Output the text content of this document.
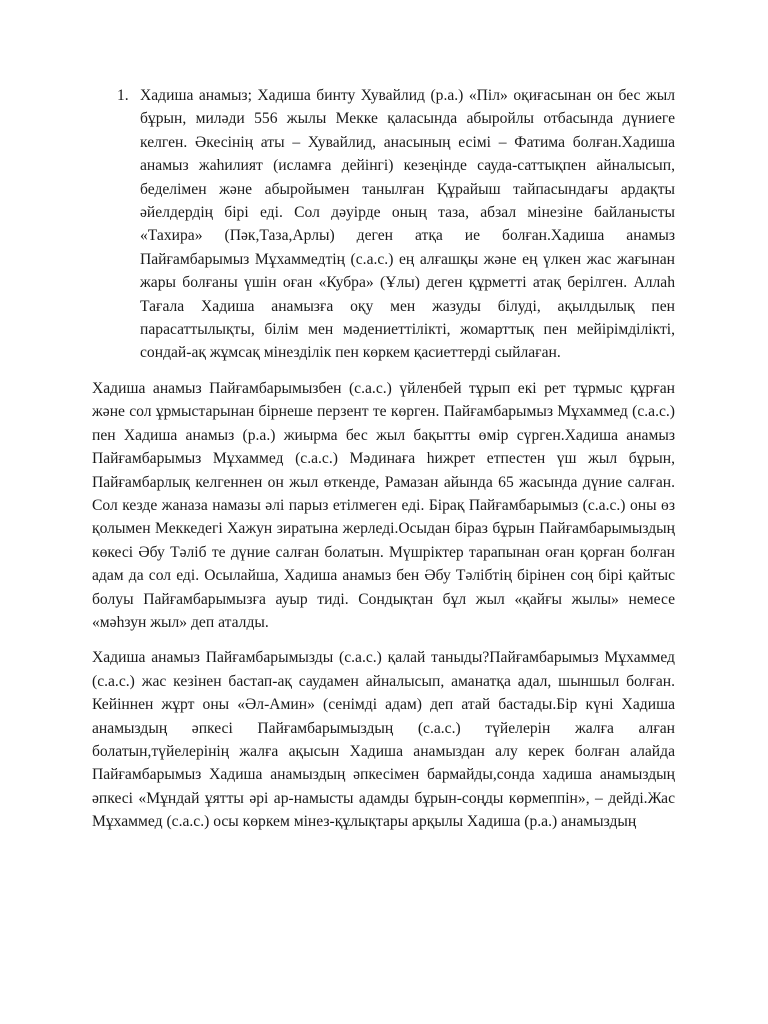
1. Хадиша анамыз; Хадиша бинту Хувайлид (р.а.) «Піл» оқиғасынан он бес жыл бұрын, миләди 556 жылы Мекке қаласында абыройлы отбасында дүниеге келген. Әкесінің аты – Хувайлид, анасының есімі – Фатима болған.Хадиша анамыз жаһилият (исламға дейінгі) кезеңінде сауда-саттықпен айналысып, беделімен және абыройымен танылған Құрайыш тайпасындағы ардақты әйелдердің бірі еді. Сол дәуірде оның таза, абзал мінезіне байланысты «Тахира» (Пәк,Таза,Арлы) деген атқа ие болған.Хадиша анамыз Пайғамбарымыз Мұхаммедтің (с.а.с.) ең алғашқы және ең үлкен жас жағынан жары болғаны үшін оған «Кубра» (Ұлы) деген құрметті атақ берілген. Аллаһ Тағала Хадиша анамызға оқу мен жазуды білуді, ақылдылық пен парасаттылықты, білім мен мәдениеттілікті, жомарттық пен мейірімділікті, сондай-ақ жұмсақ мінезділік пен көркем қасиеттерді сыйлаған.

Хадиша анамыз Пайғамбарымызбен (с.а.с.) үйленбей тұрып екі рет тұрмыс құрған және сол ұрмыстарынан бірнеше перзент те көрген. Пайғамбарымыз Мұхаммед (с.а.с.) пен Хадиша анамыз (р.а.) жиырма бес жыл бақытты өмір сүрген.Хадиша анамыз Пайғамбарымыз Мұхаммед (с.а.с.) Мәдинаға һижрет етпестен үш жыл бұрын, Пайғамбарлық келгеннен он жыл өткенде, Рамазан айында 65 жасында дүние салған. Сол кезде жаназа намазы әлі парыз етілмеген еді. Бірақ Пайғамбарымыз (с.а.с.) оны өз қолымен Меккедегі Хажун зиратына жерледі.Осыдан біраз бұрын Пайғамбарымыздың көкесі Әбу Тәліб те дүние салған болатын. Мүшріктер тарапынан оған қорған болған адам да сол еді. Осылайша, Хадиша анамыз бен Әбу Тәлібтің бірінен соң бірі қайтыс болуы Пайғамбарымызға ауыр тиді. Сондықтан бұл жыл «қайғы жылы» немесе «мәһзун жыл» деп аталды.

Хадиша анамыз Пайғамбарымызды (с.а.с.) қалай таныды?Пайғамбарымыз Мұхаммед (с.а.с.) жас кезінен бастап-ақ саудамен айналысып, аманатқа адал, шыншыл болған. Кейіннен жұрт оны «Әл-Амин» (сенімді адам) деп атай бастады.Бір күні Хадиша анамыздың әпкесі Пайғамбарымыздың (с.а.с.) түйелерін жалға алған болатын,түйелерінің жалға ақысын Хадиша анамыздан алу керек болған алайда Пайғамбарымыз Хадиша анамыздың әпкесімен бармайды,сонда хадиша анамыздың әпкесі «Мұндай ұятты әрі ар-намысты адамды бұрын-соңды көрмеппін», – дейді.Жас Мұхаммед (с.а.с.) осы көркем мінез-құлықтары арқылы Хадиша (р.а.) анамыздың
